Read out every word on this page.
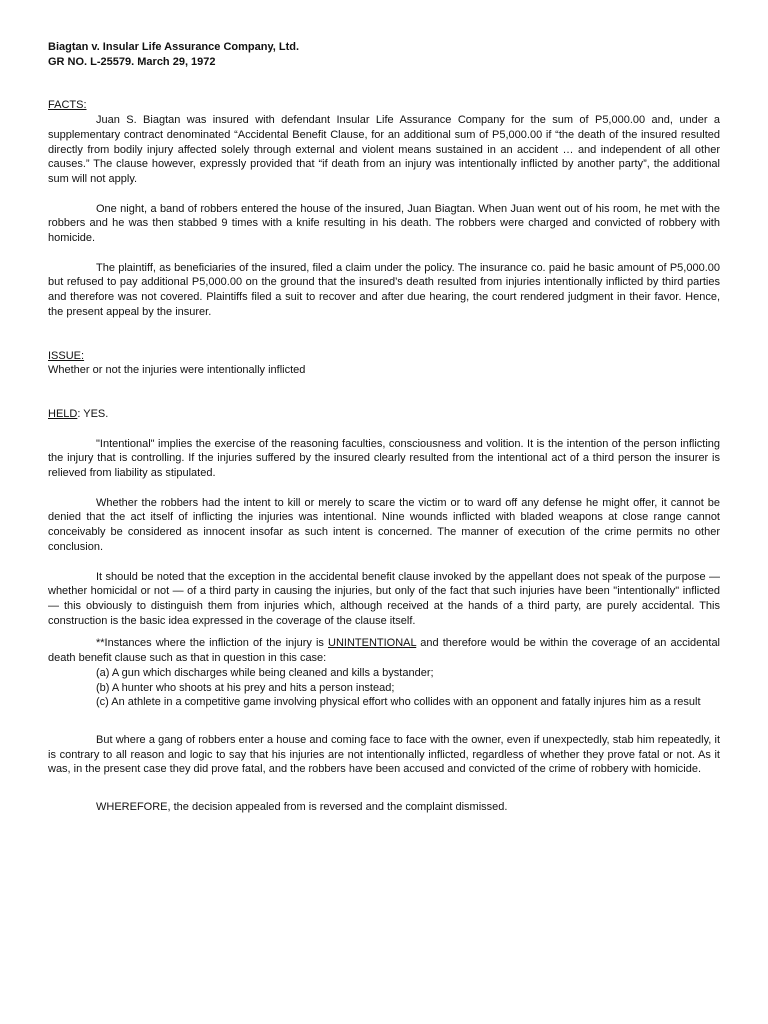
Biagtan v. Insular Life Assurance Company, Ltd.
GR NO. L-25579. March 29, 1972
FACTS:

Juan S. Biagtan was insured with defendant Insular Life Assurance Company for the sum of P5,000.00 and, under a supplementary contract denominated “Accidental Benefit Clause, for an additional sum of P5,000.00 if “the death of the insured resulted directly from bodily injury affected solely through external and violent means sustained in an accident … and independent of all other causes.” The clause however, expressly provided that “if death from an injury was intentionally inflicted by another party”, the additional sum will not apply.

One night, a band of robbers entered the house of the insured, Juan Biagtan. When Juan went out of his room, he met with the robbers and he was then stabbed 9 times with a knife resulting in his death. The robbers were charged and convicted of robbery with homicide.

The plaintiff, as beneficiaries of the insured, filed a claim under the policy. The insurance co. paid he basic amount of P5,000.00 but refused to pay additional P5,000.00 on the ground that the insured’s death resulted from injuries intentionally inflicted by third parties and therefore was not covered. Plaintiffs filed a suit to recover and after due hearing, the court rendered judgment in their favor. Hence, the present appeal by the insurer.

ISSUE:

Whether or not the injuries were intentionally inflicted

HELD: YES.

"Intentional" implies the exercise of the reasoning faculties, consciousness and volition. It is the intention of the person inflicting the injury that is controlling. If the injuries suffered by the insured clearly resulted from the intentional act of a third person the insurer is relieved from liability as stipulated.

Whether the robbers had the intent to kill or merely to scare the victim or to ward off any defense he might offer, it cannot be denied that the act itself of inflicting the injuries was intentional. Nine wounds inflicted with bladed weapons at close range cannot conceivably be considered as innocent insofar as such intent is concerned. The manner of execution of the crime permits no other conclusion.

It should be noted that the exception in the accidental benefit clause invoked by the appellant does not speak of the purpose — whether homicidal or not — of a third party in causing the injuries, but only of the fact that such injuries have been "intentionally" inflicted — this obviously to distinguish them from injuries which, although received at the hands of a third party, are purely accidental. This construction is the basic idea expressed in the coverage of the clause itself.

**Instances where the infliction of the injury is UNINTENTIONAL and therefore would be within the coverage of an accidental death benefit clause such as that in question in this case:

(a) A gun which discharges while being cleaned and kills a bystander;
(b) A hunter who shoots at his prey and hits a person instead;
(c) An athlete in a competitive game involving physical effort who collides with an opponent and fatally injures him as a result

But where a gang of robbers enter a house and coming face to face with the owner, even if unexpectedly, stab him repeatedly, it is contrary to all reason and logic to say that his injuries are not intentionally inflicted, regardless of whether they prove fatal or not. As it was, in the present case they did prove fatal, and the robbers have been accused and convicted of the crime of robbery with homicide.

WHEREFORE, the decision appealed from is reversed and the complaint dismissed.
